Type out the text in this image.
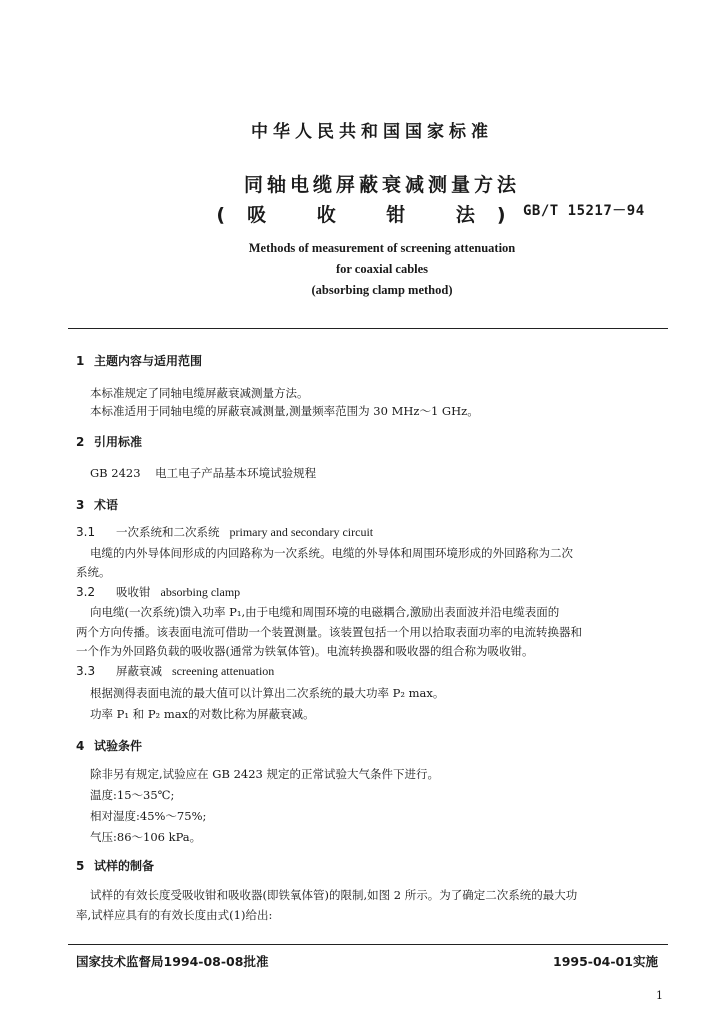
中华人民共和国国家标准
同轴电缆屏蔽衰减测量方法
(吸 收 钳 法)
GB/T 15217－94
Methods of measurement of screening attenuation
for coaxial cables
(absorbing clamp method)
1 主题内容与适用范围
本标准规定了同轴电缆屏蔽衰减测量方法。
本标准适用于同轴电缆的屏蔽衰减测量,测量频率范围为 30 MHz～1 GHz。
2 引用标准
GB 2423    电工电子产品基本环境试验规程
3 术语
3.1 一次系统和二次系统 primary and secondary circuit
电缆的内外导体间形成的内回路称为一次系统。电缆的外导体和周围环境形成的外回路称为二次
系统。
3.2 吸收钳 absorbing clamp
向电缆(一次系统)馈入功率 P₁,由于电缆和周围环境的电磁耦合,激励出表面波并沿电缆表面的
两个方向传播。该表面电流可借助一个装置测量。该装置包括一个用以拾取表面功率的电流转换器和
一个作为外回路负载的吸收器(通常为铁氧体管)。电流转换器和吸收器的组合称为吸收钳。
3.3 屏蔽衰减 screening attenuation
根据测得表面电流的最大值可以计算出二次系统的最大功率 P₂ max。
功率 P₁ 和 P₂ max的对数比称为屏蔽衰减。
4 试验条件
除非另有规定,试验应在 GB 2423 规定的正常试验大气条件下进行。
温度:15～35℃;
相对湿度:45%～75%;
气压:86～106 kPa。
5 试样的制备
试样的有效长度受吸收钳和吸收器(即铁氧体管)的限制,如图 2 所示。为了确定二次系统的最大功
率,试样应具有的有效长度由式(1)给出:
国家技术监督局1994-08-08批准	1995-04-01实施
1
